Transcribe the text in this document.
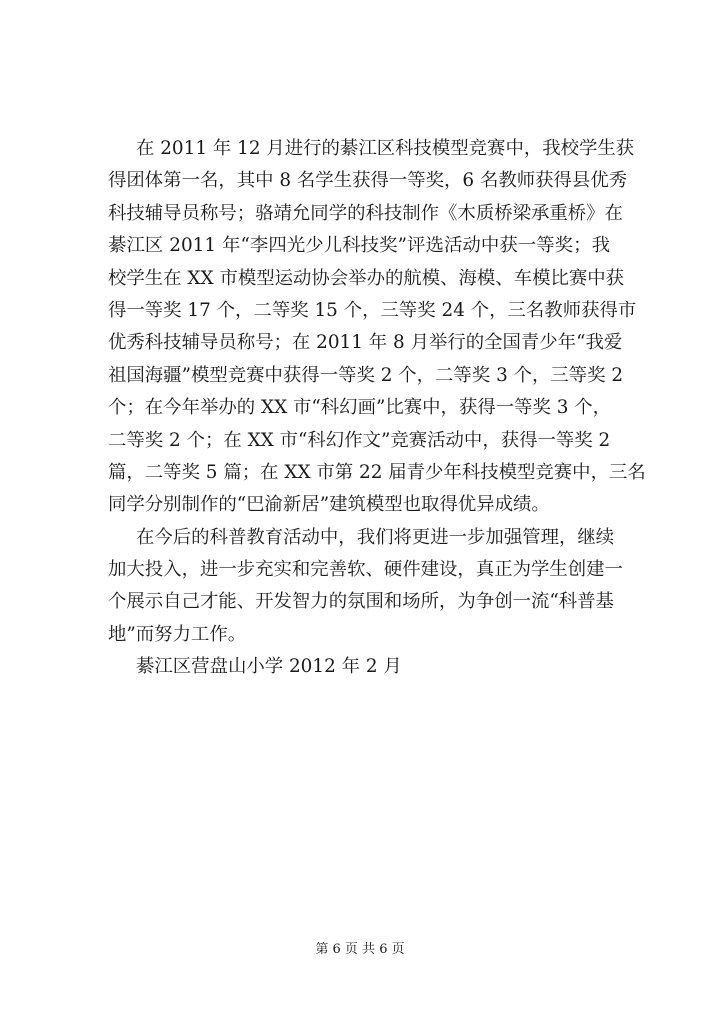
在 2011 年 12 月进行的綦江区科技模型竞赛中，我校学生获
得团体第一名，其中 8 名学生获得一等奖，6 名教师获得县优秀
科技辅导员称号；骆靖允同学的科技制作《木质桥梁承重桥》在
綦江区 2011 年“李四光少儿科技奖”评选活动中获一等奖；我
校学生在 XX 市模型运动协会举办的航模、海模、车模比赛中获
得一等奖 17 个，二等奖 15 个，三等奖 24 个，三名教师获得市
优秀科技辅导员称号；在 2011 年 8 月举行的全国青少年“我爱
祖国海疆”模型竞赛中获得一等奖 2 个，二等奖 3 个，三等奖 2
个；在今年举办的 XX 市“科幻画”比赛中，获得一等奖 3 个，
二等奖 2 个；在 XX 市“科幻作文”竞赛活动中，获得一等奖 2
篇，二等奖 5 篇；在 XX 市第 22 届青少年科技模型竞赛中，三名
同学分别制作的“巴渝新居”建筑模型也取得优异成绩。
在今后的科普教育活动中，我们将更进一步加强管理，继续
加大投入，进一步充实和完善软、硬件建设，真正为学生创建一
个展示自己才能、开发智力的氛围和场所，为争创一流“科普基
地”而努力工作。
綦江区营盘山小学 2012 年 2 月
第 6 页 共 6 页
